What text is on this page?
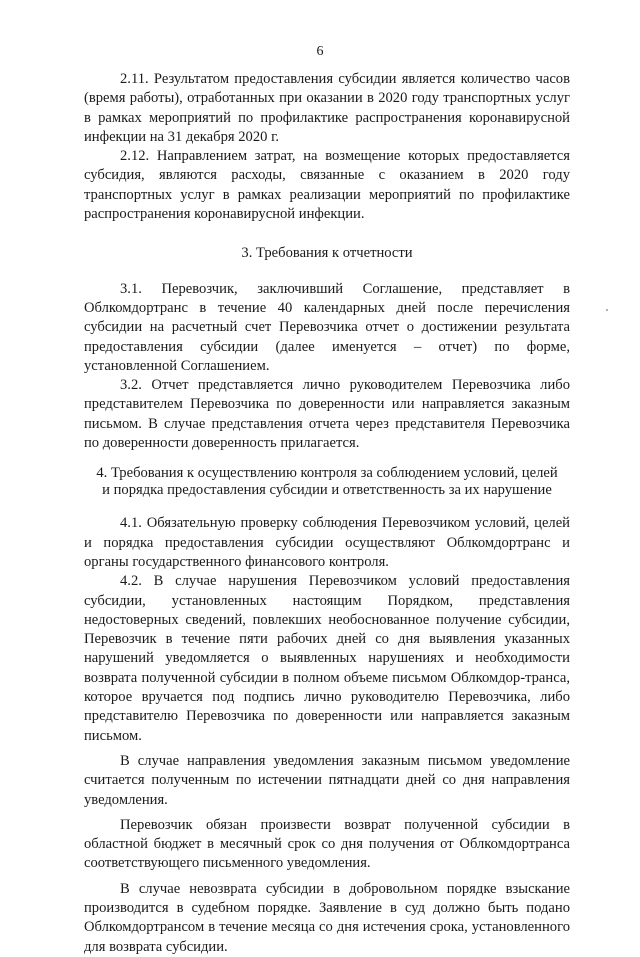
6

2.11. Результатом предоставления субсидии является количество часов (время работы), отработанных при оказании в 2020 году транспортных услуг в рамках мероприятий по профилактике распространения коронавирусной инфекции на 31 декабря 2020 г.

2.12. Направлением затрат, на возмещение которых предоставляется субсидия, являются расходы, связанные с оказанием в 2020 году транспортных услуг в рамках реализации мероприятий по профилактике распространения коронавирусной инфекции.

3. Требования к отчетности

3.1. Перевозчик, заключивший Соглашение, представляет в Облкомдортранс в течение 40 календарных дней после перечисления субсидии на расчетный счет Перевозчика отчет о достижении результата предоставления субсидии (далее именуется – отчет) по форме, установленной Соглашением.

3.2. Отчет представляется лично руководителем Перевозчика либо представителем Перевозчика по доверенности или направляется заказным письмом. В случае представления отчета через представителя Перевозчика по доверенности доверенность прилагается.

4. Требования к осуществлению контроля за соблюдением условий, целей
и порядка предоставления субсидии и ответственность за их нарушение

4.1. Обязательную проверку соблюдения Перевозчиком условий, целей и порядка предоставления субсидии осуществляют Облкомдортранс и органы государственного финансового контроля.

4.2. В случае нарушения Перевозчиком условий предоставления субсидии, установленных настоящим Порядком, представления недостоверных сведений, повлекших необоснованное получение субсидии, Перевозчик в течение пяти рабочих дней со дня выявления указанных нарушений уведомляется о выявленных нарушениях и необходимости возврата полученной субсидии в полном объеме письмом Облкомдор-транса, которое вручается под подпись лично руководителю Перевозчика, либо представителю Перевозчика по доверенности или направляется заказным письмом.

В случае направления уведомления заказным письмом уведомление считается полученным по истечении пятнадцати дней со дня направления уведомления.

Перевозчик обязан произвести возврат полученной субсидии в областной бюджет в месячный срок со дня получения от Облкомдортранса соответствующего письменного уведомления.

В случае невозврата субсидии в добровольном порядке взыскание производится в судебном порядке. Заявление в суд должно быть подано Облкомдортрансом в течение месяца со дня истечения срока, установленного для возврата субсидии.
